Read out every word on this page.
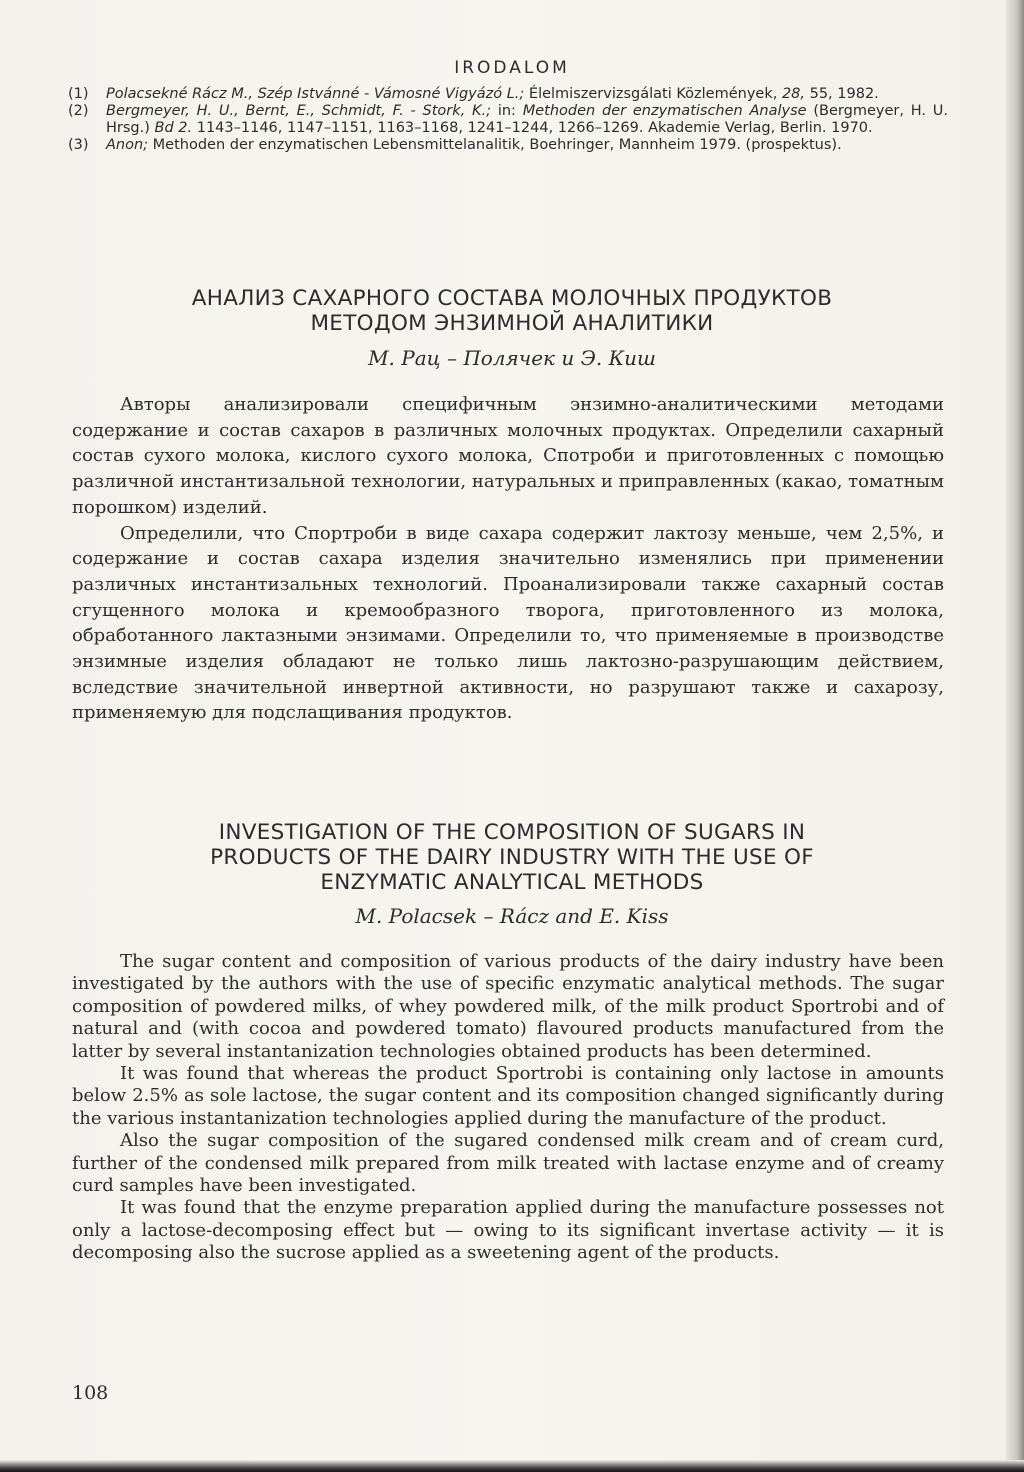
IRODALOM

(1) Polacsekné Rácz M., Szép Istvánné - Vámosné Vigyázó L.; Élelmiszervizsgálati Közlemények, 28, 55, 1982.

(2) Bergmeyer, H. U., Bernt, E., Schmidt, F. - Stork, K.; in: Methoden der enzymatischen Analyse (Bergmeyer, H. U. Hrsg.) Bd 2. 1143–1146, 1147–1151, 1163–1168, 1241–1244, 1266–1269. Akademie Verlag, Berlin. 1970.

(3) Anon; Methoden der enzymatischen Lebensmittelanalitik, Boehringer, Mannheim 1979. (prospektus).

АНАЛИЗ САХАРНОГО СОСТАВА МОЛОЧНЫХ ПРОДУКТОВ
МЕТОДОМ ЭНЗИМНОЙ АНАЛИТИКИ
М. Рац – Полячек и Э. Киш

Авторы анализировали специфичным энзимно-аналитическими методами содержание и состав сахаров в различных молочных продуктах. Определили сахарный состав сухого молока, кислого сухого молока, Спотроби и приготовленных с помощью различной инстантизальной технологии, натуральных и приправленных (какао, томатным порошком) изделий.

Определили, что Спортроби в виде сахара содержит лактозу меньше, чем 2,5%, и содержание и состав сахара изделия значительно изменялись при применении различных инстантизальных технологий. Проанализировали также сахарный состав сгущенного молока и кремообразного творога, приготовленного из молока, обработанного лактазными энзимами. Определили то, что применяемые в производстве энзимные изделия обладают не только лишь лактозно-разрушающим действием, вследствие значительной инвертной активности, но разрушают также и сахарозу, применяемую для подслащивания продуктов.

INVESTIGATION OF THE COMPOSITION OF SUGARS IN
PRODUCTS OF THE DAIRY INDUSTRY WITH THE USE OF
ENZYMATIC ANALYTICAL METHODS
M. Polacsek – Rácz and E. Kiss

The sugar content and composition of various products of the dairy industry have been investigated by the authors with the use of specific enzymatic analytical methods. The sugar composition of powdered milks, of whey powdered milk, of the milk product Sportrobi and of natural and (with cocoa and powdered tomato) flavoured products manufactured from the latter by several instantanization technologies obtained products has been determined.

It was found that whereas the product Sportrobi is containing only lactose in amounts below 2.5% as sole lactose, the sugar content and its composition changed significantly during the various instantanization technologies applied during the manufacture of the product.

Also the sugar composition of the sugared condensed milk cream and of cream curd, further of the condensed milk prepared from milk treated with lactase enzyme and of creamy curd samples have been investigated.

It was found that the enzyme preparation applied during the manufacture possesses not only a lactose-decomposing effect but — owing to its significant invertase activity — it is decomposing also the sucrose applied as a sweetening agent of the products.

108
